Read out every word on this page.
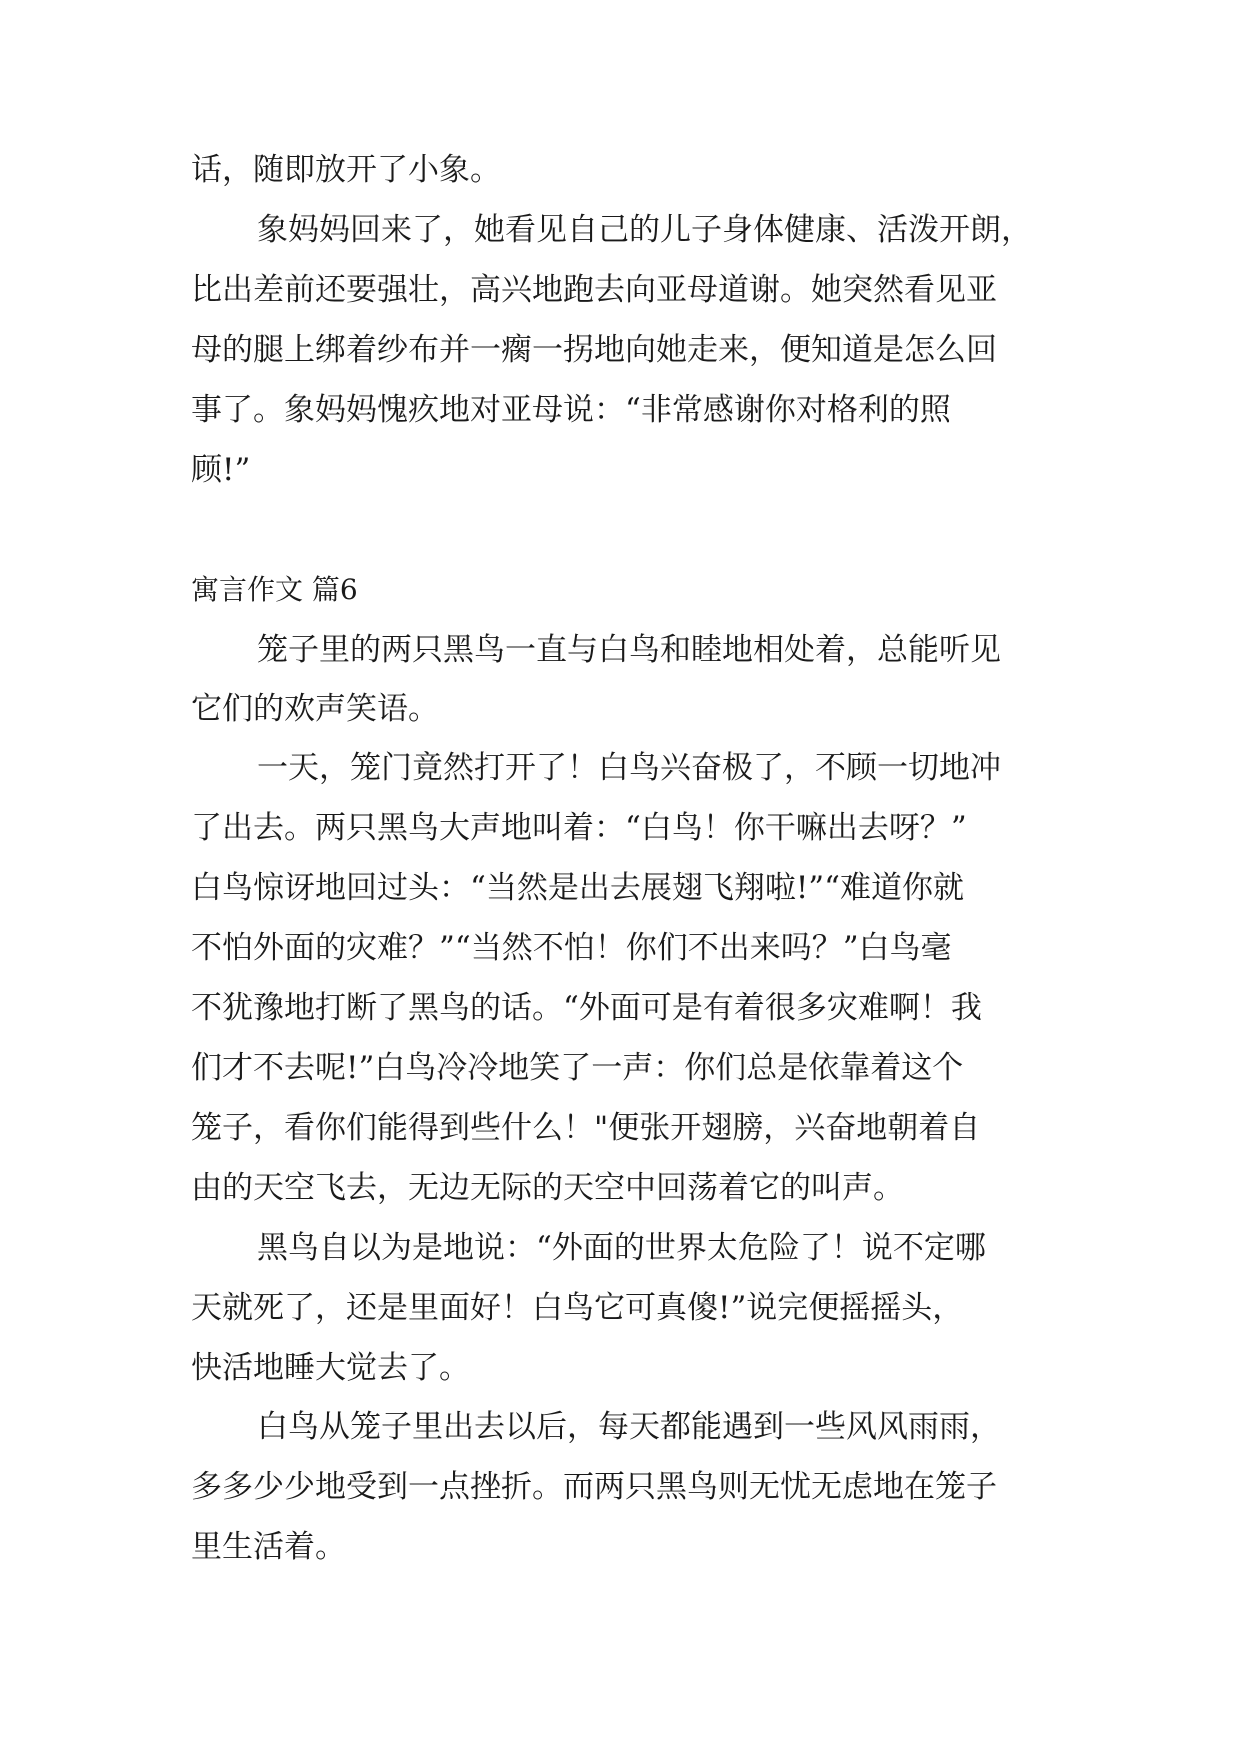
话，随即放开了小象。

象妈妈回来了，她看见自己的儿子身体健康、活泼开朗，

比出差前还要强壮，高兴地跑去向亚母道谢。她突然看见亚

母的腿上绑着纱布并一瘸一拐地向她走来，便知道是怎么回

事了。象妈妈愧疚地对亚母说：“非常感谢你对格利的照

顾!”

寓言作文 篇6

笼子里的两只黑鸟一直与白鸟和睦地相处着，总能听见

它们的欢声笑语。

一天，笼门竟然打开了！白鸟兴奋极了，不顾一切地冲

了出去。两只黑鸟大声地叫着：“白鸟！你干嘛出去呀？”

白鸟惊讶地回过头：“当然是出去展翅飞翔啦!”“难道你就

不怕外面的灾难？”“当然不怕！你们不出来吗？”白鸟毫

不犹豫地打断了黑鸟的话。“外面可是有着很多灾难啊！我

们才不去呢!”白鸟冷冷地笑了一声：你们总是依靠着这个

笼子，看你们能得到些什么！"便张开翅膀，兴奋地朝着自

由的天空飞去，无边无际的天空中回荡着它的叫声。

黑鸟自以为是地说：“外面的世界太危险了！说不定哪

天就死了，还是里面好！白鸟它可真傻!”说完便摇摇头，

快活地睡大觉去了。

白鸟从笼子里出去以后，每天都能遇到一些风风雨雨，

多多少少地受到一点挫折。而两只黑鸟则无忧无虑地在笼子

里生活着。
